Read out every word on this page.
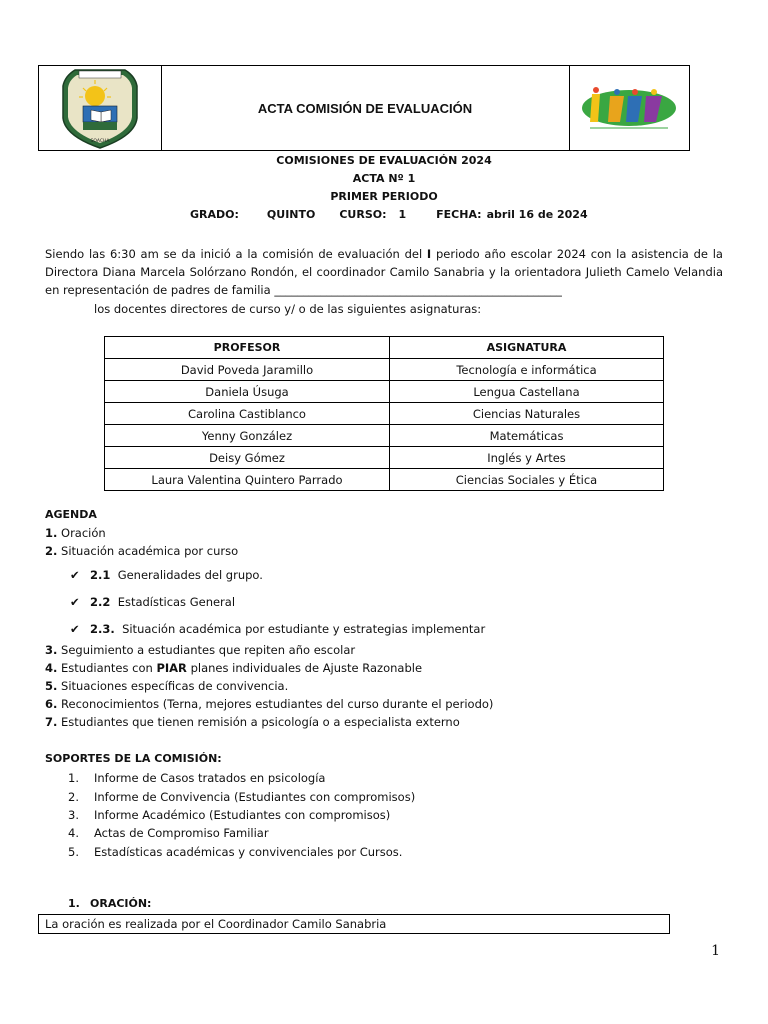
SOACHA
ACTA COMISIÓN DE EVALUACIÓN
COMISIONES DE EVALUACIÓN 2024
ACTA Nº 1
PRIMER PERIODO
GRADO:	QUINTO CURSO: 1	FECHA: abril 16 de 2024
Siendo las 6:30 am se da inició a la comisión de evaluación del I periodo año escolar 2024 con la asistencia de la Directora Diana Marcela Solórzano Rondón, el coordinador Camilo Sanabria y la orientadora Julieth Camelo Velandia en representación de padres de familia __________________________________________________
los docentes directores de curso y/ o de las siguientes asignaturas:
PROFESOR	ASIGNATURA
David Poveda Jaramillo	Tecnología e informática
Daniela Úsuga	Lengua Castellana
Carolina Castiblanco	Ciencias Naturales
Yenny González	Matemáticas
Deisy Gómez	Inglés y Artes
Laura Valentina Quintero Parrado	Ciencias Sociales y Ética
AGENDA
1. Oración
2. Situación académica por curso
✔ 2.1 Generalidades del grupo.
✔ 2.2 Estadísticas General
✔ 2.3. Situación académica por estudiante y estrategias implementar
3. Seguimiento a estudiantes que repiten año escolar
4. Estudiantes con PIAR planes individuales de Ajuste Razonable
5. Situaciones específicas de convivencia.
6. Reconocimientos (Terna, mejores estudiantes del curso durante el periodo)
7. Estudiantes que tienen remisión a psicología o a especialista externo
SOPORTES DE LA COMISIÓN:
1. Informe de Casos tratados en psicología
2. Informe de Convivencia (Estudiantes con compromisos)
3. Informe Académico (Estudiantes con compromisos)
4. Actas de Compromiso Familiar
5. Estadísticas académicas y convivenciales por Cursos.
1. ORACIÓN:
La oración es realizada por el Coordinador Camilo Sanabria
1
